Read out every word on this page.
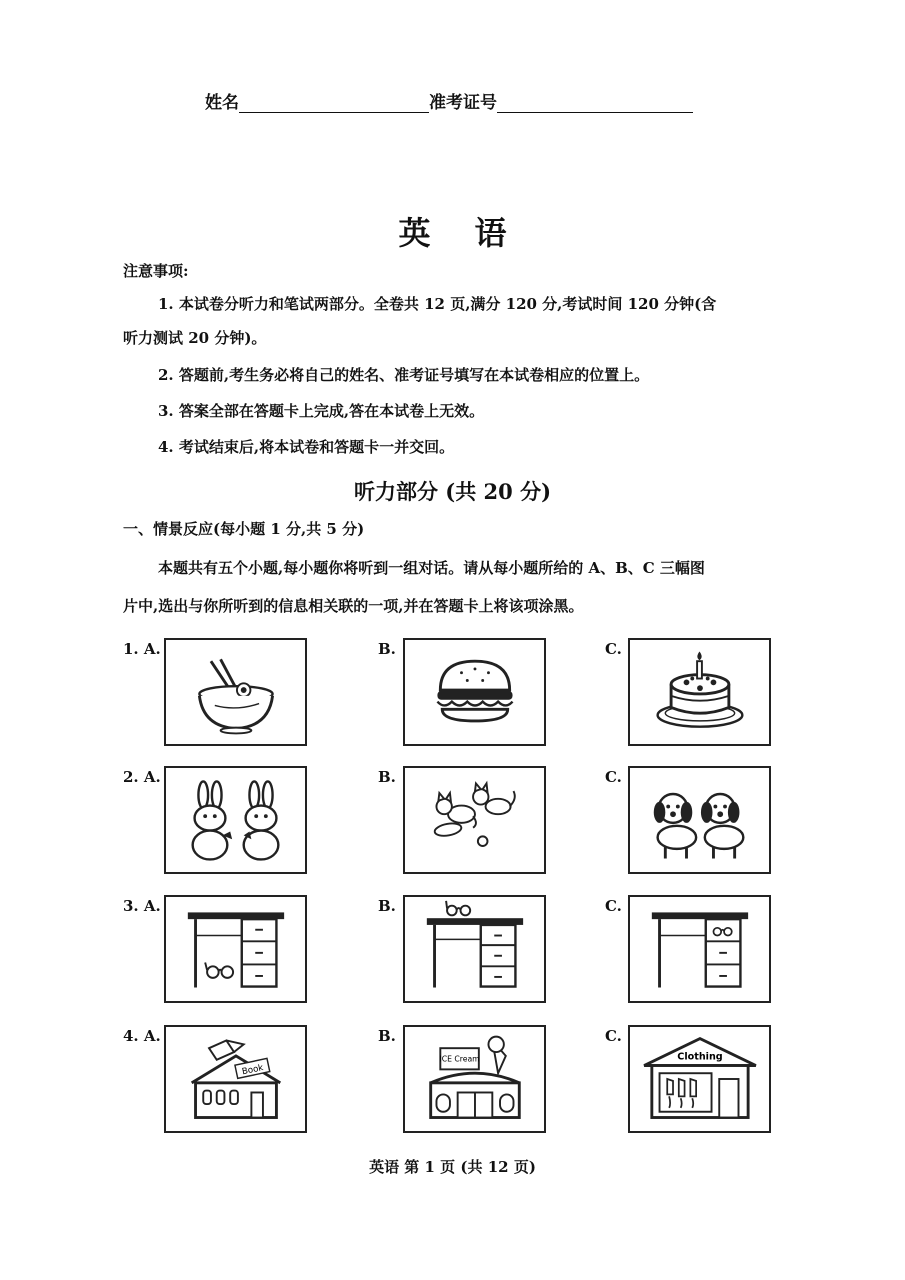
姓名	准考证号
英语
注意事项:
1. 本试卷分听力和笔试两部分。全卷共 12 页,满分 120 分,考试时间 120 分钟(含
听力测试 20 分钟)。
2. 答题前,考生务必将自己的姓名、准考证号填写在本试卷相应的位置上。
3. 答案全部在答题卡上完成,答在本试卷上无效。
4. 考试结束后,将本试卷和答题卡一并交回。
听力部分 (共 20 分)
一、情景反应(每小题 1 分,共 5 分)
本题共有五个小题,每小题你将听到一组对话。请从每小题所给的 A、B、C 三幅图
片中,选出与你所听到的信息相关联的一项,并在答题卡上将该项涂黑。
1. A.	B.	C.
2. A.	B.	C.
3. A.	B.	C.
4. A.	B.	C.
Book
ICE Cream	Clothing
英语 第 1 页 (共 12 页)
